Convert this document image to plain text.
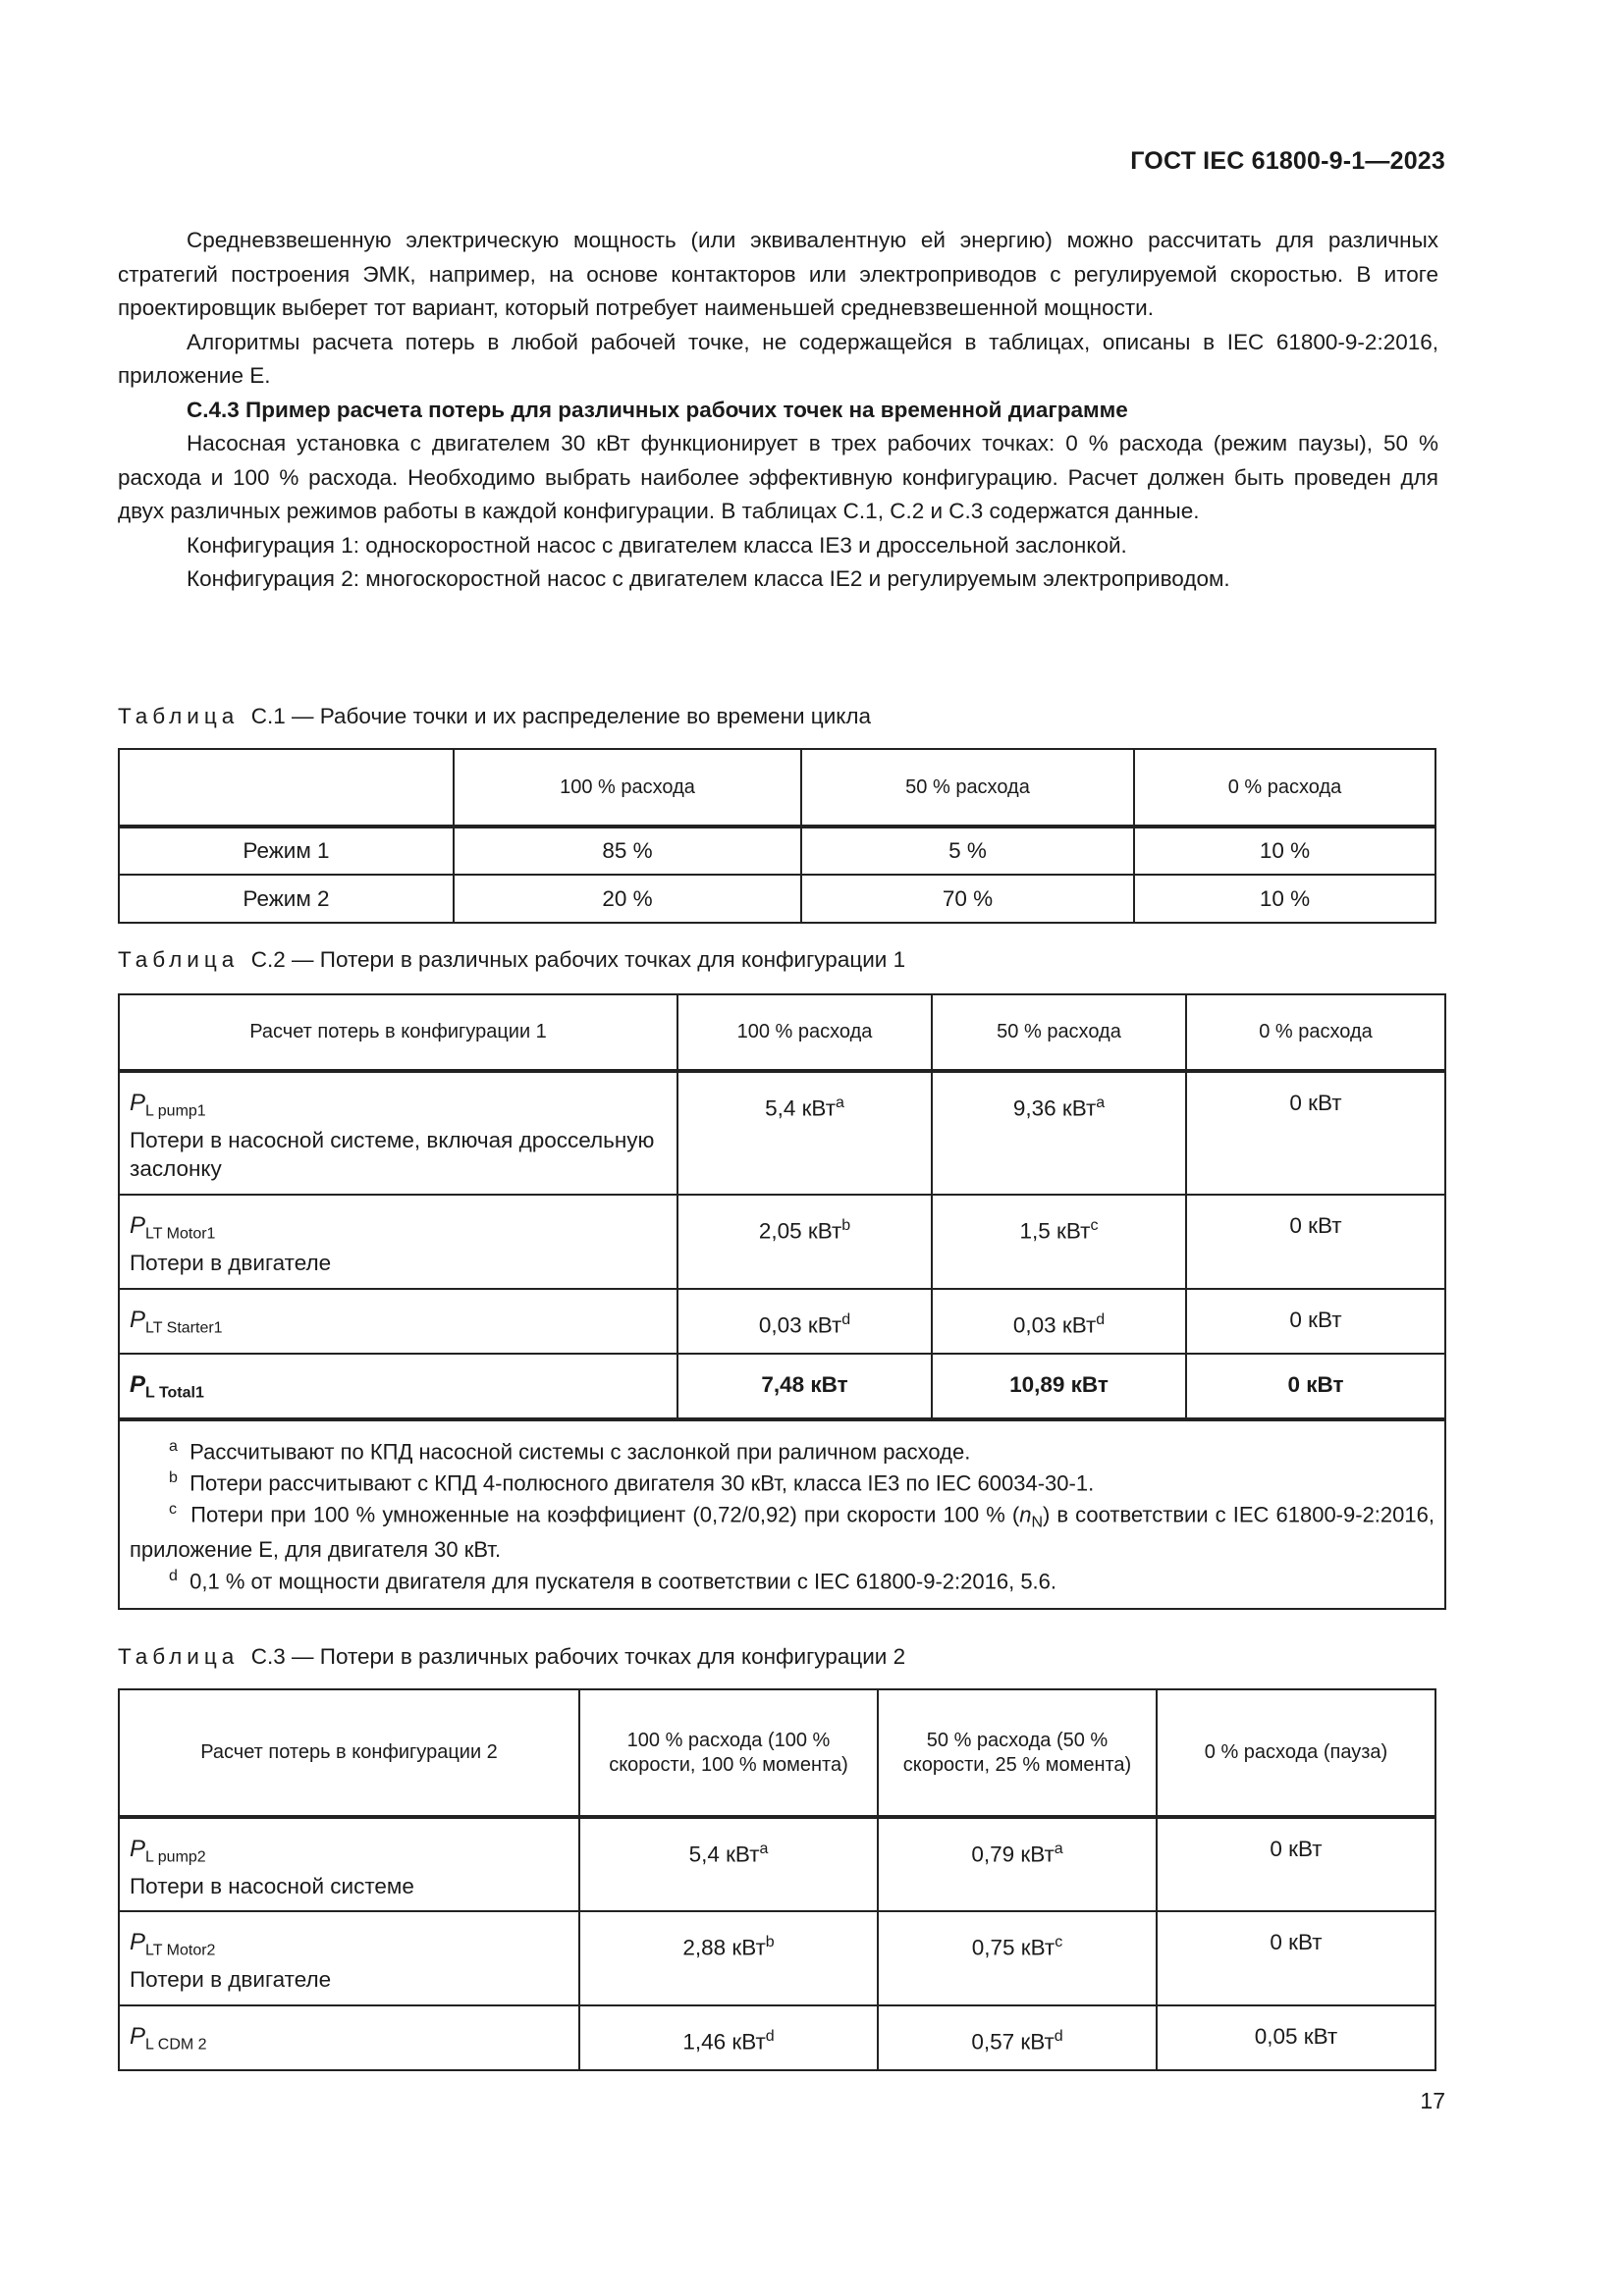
ГОСТ IEC 61800-9-1—2023

Средневзвешенную электрическую мощность (или эквивалентную ей энергию) можно рассчитать для различных стратегий построения ЭМК, например, на основе контакторов или электроприводов с регулируемой скоростью. В итоге проектировщик выберет тот вариант, который потребует наименьшей средневзвешенной мощности.

Алгоритмы расчета потерь в любой рабочей точке, не содержащейся в таблицах, описаны в IEC 61800-9-2:2016, приложение Е.

С.4.3 Пример расчета потерь для различных рабочих точек на временной диаграмме

Насосная установка с двигателем 30 кВт функционирует в трех рабочих точках: 0 % расхода (режим паузы), 50 % расхода и 100 % расхода. Необходимо выбрать наиболее эффективную конфигурацию. Расчет должен быть проведен для двух различных режимов работы в каждой конфигурации. В таблицах С.1, С.2 и С.3 содержатся данные.

Конфигурация 1: односкоростной насос с двигателем класса IE3 и дроссельной заслонкой.

Конфигурация 2: многоскоростной насос с двигателем класса IE2 и регулируемым электроприводом.

Таблица С.1 — Рабочие точки и их распределение во времени цикла
	100 % расхода	50 % расхода	0 % расхода
Режим 1	85 %	5 %	10 %
Режим 2	20 %	70 %	10 %
Таблица С.2 — Потери в различных рабочих точках для конфигурации 1
Расчет потерь в конфигурации 1	100 % расхода	50 % расхода	0 % расхода
$P_{L pump1}$
Потери в насосной системе, включая дроссельную заслонку	5,4 кВт$^a$	9,36 кВт$^a$	0 кВт
$P_{LT Motor1}$
Потери в двигателе	2,05 кВт$^b$	1,5 кВт$^c$	0 кВт
$P_{LT Starter1}$	0,03 кВт$^d$	0,03 кВт$^d$	0 кВт
$P_{L Total1}$	7,48 кВт	10,89 кВт	0 кВт

$^a$ Рассчитывают по КПД насосной системы с заслонкой при раличном расходе.
$^b$ Потери рассчитывают с КПД 4-полюсного двигателя 30 кВт, класса IE3 по IEC 60034-30-1.
$^c$ Потери при 100 % умноженные на коэффициент (0,72/0,92) при скорости 100 % $(n_N)$ в соответствии с IEC 61800-9-2:2016, приложение Е, для двигателя 30 кВт.
$^d$ 0,1 % от мощности двигателя для пускателя в соответствии с IEC 61800-9-2:2016, 5.6.			
Таблица С.3 — Потери в различных рабочих точках для конфигурации 2
Расчет потерь в конфигурации 2	100 % расхода (100 % скорости, 100 % момента)	50 % расхода (50 % скорости, 25 % момента)	0 % расхода (пауза)
$P_{L pump2}$
Потери в насосной системе	5,4 кВт$^a$	0,79 кВт$^a$	0 кВт
$P_{LT Motor2}$
Потери в двигателе	2,88 кВт$^b$	0,75 кВт$^c$	0 кВт
$P_{L CDM 2}$	1,46 кВт$^d$	0,57 кВт$^d$	0,05 кВт
17
